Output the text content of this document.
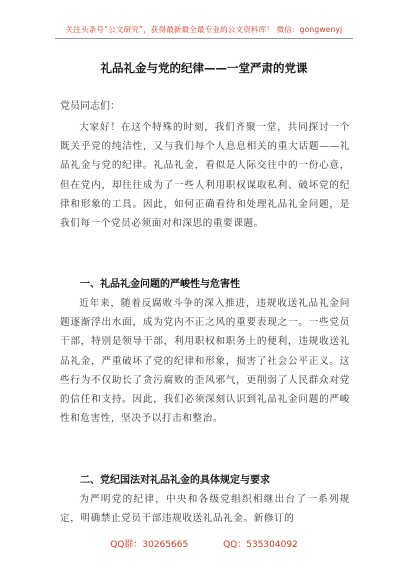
关注头条号“公文研究”，获得最新最全最专业的公文资料库！ 微信：gongwenyj
礼品礼金与党的纪律——一堂严肃的党课
党员同志们：

大家好！在这个特殊的时刻，我们齐聚一堂，共同探讨一个既关乎党的纯洁性，又与我们每个人息息相关的重大话题——礼品礼金与党的纪律。礼品礼金，看似是人际交往中的一份心意，但在党内，却往往成为了一些人利用职权谋取私利、破坏党的纪律和形象的工具。因此，如何正确看待和处理礼品礼金问题，是我们每一个党员必须面对和深思的重要课题。

一、礼品礼金问题的严峻性与危害性

近年来，随着反腐败斗争的深入推进，违规收送礼品礼金问题逐渐浮出水面，成为党内不正之风的重要表现之一。一些党员干部，特别是领导干部，利用职权和职务上的便利，违规收送礼品礼金，严重破坏了党的纪律和形象，损害了社会公平正义。这些行为不仅助长了贪污腐败的歪风邪气，更削弱了人民群众对党的信任和支持。因此，我们必须深刻认识到礼品礼金问题的严峻性和危害性，坚决予以打击和整治。

二、党纪国法对礼品礼金的具体规定与要求

为严明党的纪律，中央和各级党组织相继出台了一系列规定，明确禁止党员干部违规收送礼品礼金。新修订的

QQ群：30265665	QQ：535304092
